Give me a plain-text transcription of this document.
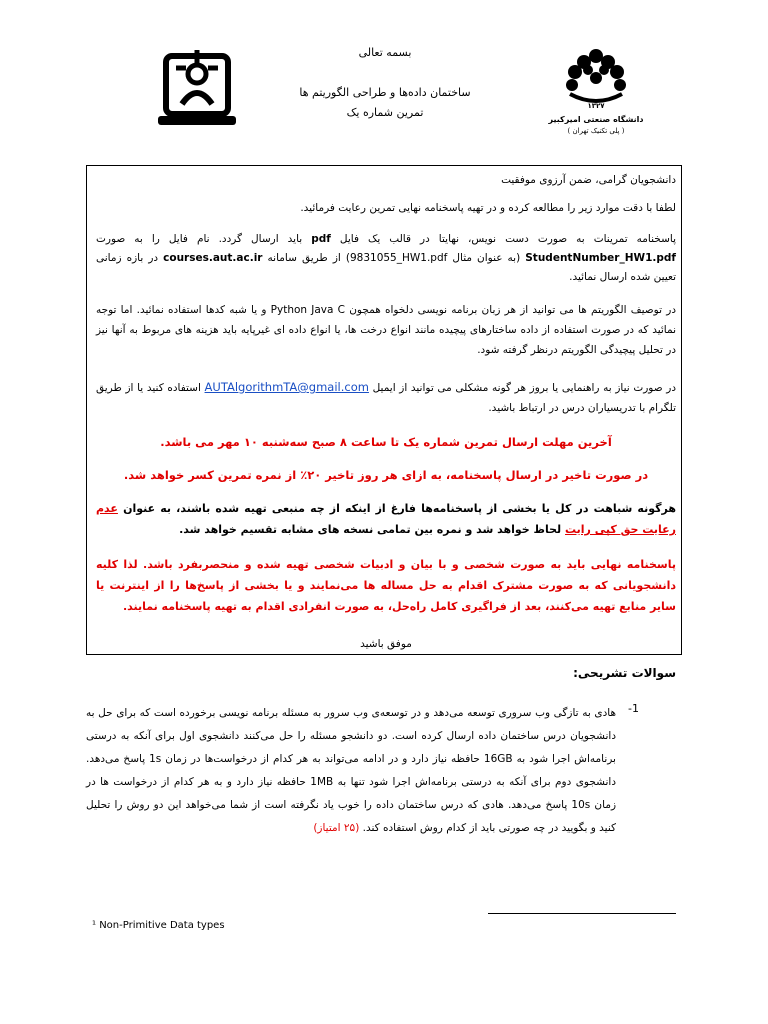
بسمه تعالی
ساختمان داده‌ها و طراحی الگوریتم ها
تمرین شماره یک	۱۳۲۷
دانشگاه صنعتی امیرکبیر
( پلی تکنیک تهران )
دانشجویان گرامی، ضمن آرزوی موفقیت
لطفا با دقت موارد زیر را مطالعه کرده و در تهیه پاسخنامه نهایی تمرین رعایت فرمائید.
پاسخنامه تمرینات به صورت دست نویس، نهایتا در قالب یک فایل pdf باید ارسال گردد. نام فایل را به صورت StudentNumber_HW1.pdf (به عنوان مثال 9831055_HW1.pdf) از طریق سامانه courses.aut.ac.ir در بازه زمانی تعیین شده ارسال نمائید.
در توصیف الگوریتم ها می توانید از هر زبان برنامه نویسی دلخواه همچون Python Java C و یا شبه کدها استفاده نمائید. اما توجه نمائید که در صورت استفاده از داده ساختارهای پیچیده مانند انواع درخت ها، یا انواع داده ای غیرپایه باید هزینه های مربوط به آنها نیز در تحلیل پیچیدگی الگوریتم درنظر گرفته شود.
در صورت نیاز به راهنمایی یا بروز هر گونه مشکلی می توانید از ایمیل AUTAlgorithmTA@gmail.com استفاده کنید یا از طریق تلگرام با تدریسیاران درس در ارتباط باشید.
آخرین مهلت ارسال تمرین شماره یک تا ساعت ۸ صبح سه‌شنبه ۱۰ مهر می باشد.
در صورت تاخیر در ارسال پاسخنامه، به ازای هر روز تاخیر ۲۰٪ از نمره تمرین کسر خواهد شد.
هرگونه شباهت در کل یا بخشی از پاسخنامه‌ها فارغ از اینکه از چه منبعی تهیه شده باشند، به عنوان عدم رعایت حق کپی رایت لحاظ خواهد شد و نمره بین تمامی نسخه های مشابه تقسیم خواهد شد.
پاسخنامه نهایی باید به صورت شخصی و با بیان و ادبیات شخصی تهیه شده و منحصربفرد باشد. لذا کلیه دانشجویانی که به صورت مشترک اقدام به حل مساله ها می‌نمایند و یا بخشی از پاسخ‌ها را از اینترنت یا سایر منابع تهیه می‌کنند، بعد از فراگیری کامل راه‌حل، به صورت انفرادی اقدام به تهیه پاسخنامه نمایند.
موفق باشید
سوالات تشریحی:
-1
هادی به تازگی وب سروری توسعه می‌دهد و در توسعه‌ی وب سرور به مسئله برنامه نویسی برخورده است که برای حل به دانشجویان درس ساختمان داده ارسال کرده است. دو دانشجو مسئله را حل می‌کنند دانشجوی اول برای آنکه به درستی برنامه‌اش اجرا شود به 16GB حافظه نیاز دارد و در ادامه می‌تواند به هر کدام از درخواست‌ها در زمان 1s پاسخ می‌دهد. دانشجوی دوم برای آنکه به درستی برنامه‌اش اجرا شود تنها به 1MB حافظه نیاز دارد و به هر کدام از درخواست ها در زمان 10s پاسخ می‌دهد. هادی که درس ساختمان داده را خوب یاد نگرفته است از شما می‌خواهد این دو روش را تحلیل کنید و بگویید در چه صورتی باید از کدام روش استفاده کند. (۲۵ امتیاز)
¹ Non-Primitive Data types
